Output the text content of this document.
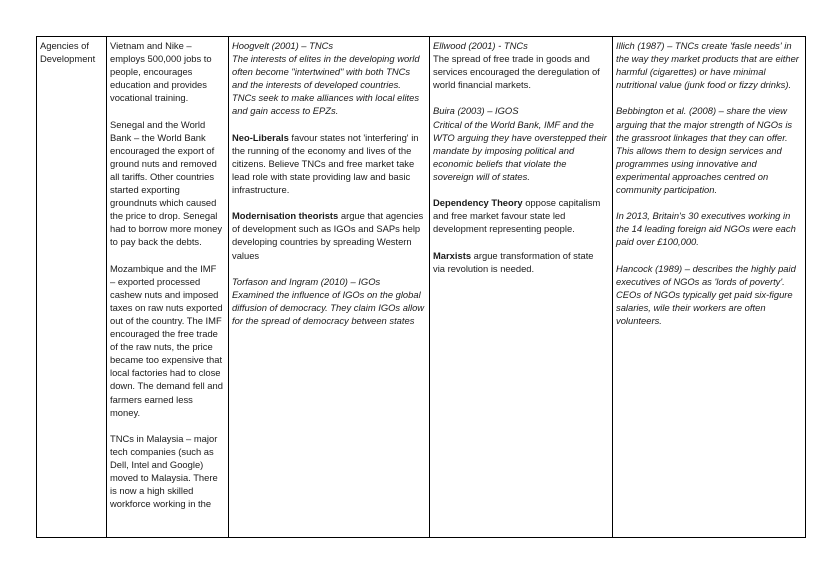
Agencies of Development

Vietnam and Nike – employs 500,000 jobs to people, encourages education and provides vocational training.

Senegal and the World Bank – the World Bank encouraged the export of ground nuts and removed all tariffs. Other countries started exporting groundnuts which caused the price to drop. Senegal had to borrow more money to pay back the debts.

Mozambique and the IMF – exported processed cashew nuts and imposed taxes on raw nuts exported out of the country. The IMF encouraged the free trade of the raw nuts, the price became too expensive that local factories had to close down. The demand fell and farmers earned less money.

TNCs in Malaysia – major tech companies (such as Dell, Intel and Google) moved to Malaysia. There is now a high skilled workforce working in the

Hoogvelt (2001) – TNCs

The interests of elites in the developing world often become "intertwined" with both TNCs and the interests of developed countries. TNCs seek to make alliances with local elites and gain access to EPZs.

Neo-Liberals favour states not 'interfering' in the running of the economy and lives of the citizens. Believe TNCs and free market take lead role with state providing law and basic infrastructure.

Modernisation theorists argue that agencies of development such as IGOs and SAPs help developing countries by spreading Western values

Torfason and Ingram (2010) – IGOs

Examined the influence of IGOs on the global diffusion of democracy. They claim IGOs allow for the spread of democracy between states

Ellwood (2001) - TNCs

The spread of free trade in goods and services encouraged the deregulation of world financial markets.

Buira (2003) – IGOS

Critical of the World Bank, IMF and the WTO arguing they have overstepped their mandate by imposing political and economic beliefs that violate the sovereign will of states.

Dependency Theory oppose capitalism and free market favour state led development representing people.

Marxists argue transformation of state via revolution is needed.

Illich (1987) – TNCs create 'fasle needs' in the way they market products that are either harmful (cigarettes) or have minimal nutritional value (junk food or fizzy drinks).

Bebbington et al. (2008) – share the view arguing that the major strength of NGOs is the grassroot linkages that they can offer. This allows them to design services and programmes using innovative and experimental approaches centred on community participation.

In 2013, Britain's 30 executives working in the 14 leading foreign aid NGOs were each paid over £100,000.

Hancock (1989) – describes the highly paid executives of NGOs as 'lords of poverty'. CEOs of NGOs typically get paid six-figure salaries, wile their workers are often volunteers.
